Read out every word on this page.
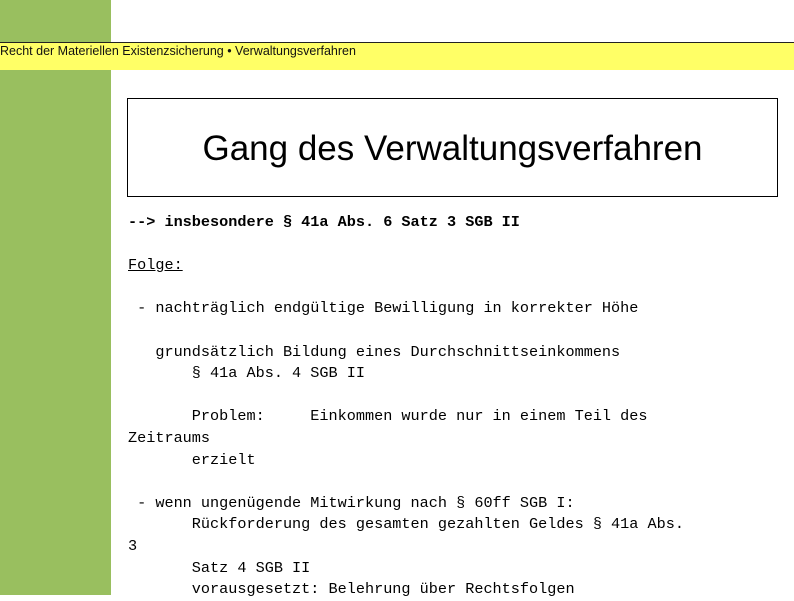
Recht der Materiellen Existenzsicherung • Verwaltungsverfahren
Gang des Verwaltungsverfahren
--> insbesondere § 41a Abs. 6 Satz 3 SGB II

Folge:

- nachträglich endgültige Bewilligung in korrekter Höhe

grundsätzlich Bildung eines Durchschnittseinkommens
§ 41a Abs. 4 SGB II

Problem:     Einkommen wurde nur in einem Teil des
Zeitraums
erzielt

- wenn ungenügende Mitwirkung nach § 60ff SGB I:
Rückforderung des gesamten gezahlten Geldes § 41a Abs.
3
Satz 4 SGB II
vorausgesetzt: Belehrung über Rechtsfolgen
